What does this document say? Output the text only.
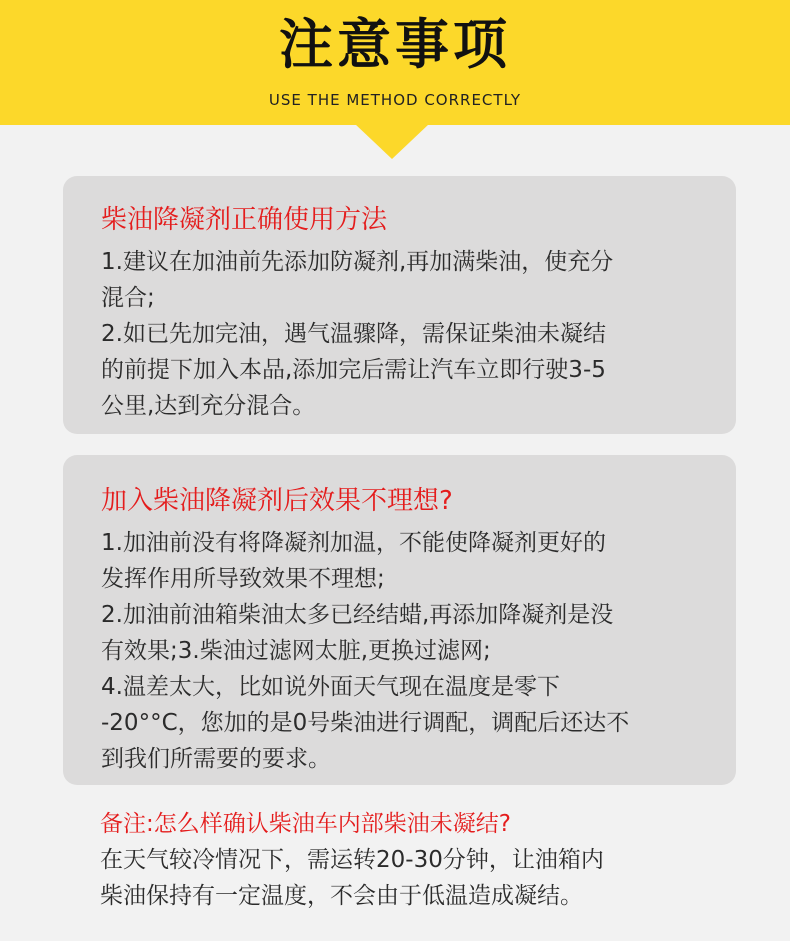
注意事项
USE THE METHOD CORRECTLY
柴油降凝剂正确使用方法
1.建议在加油前先添加防凝剂,再加满柴油，使充分
混合;
2.如已先加完油，遇气温骤降，需保证柴油未凝结
的前提下加入本品,添加完后需让汽车立即行驶3-5
公里,达到充分混合。
加入柴油降凝剂后效果不理想?
1.加油前没有将降凝剂加温，不能使降凝剂更好的
发挥作用所导致效果不理想;
2.加油前油箱柴油太多已经结蜡,再添加降凝剂是没
有效果;3.柴油过滤网太脏,更换过滤网;
4.温差太大，比如说外面天气现在温度是零下
-20°°C，您加的是0号柴油进行调配，调配后还达不
到我们所需要的要求。
备注:怎么样确认柴油车内部柴油未凝结?
在天气较冷情况下，需运转20-30分钟，让油箱内
柴油保持有一定温度，不会由于低温造成凝结。
